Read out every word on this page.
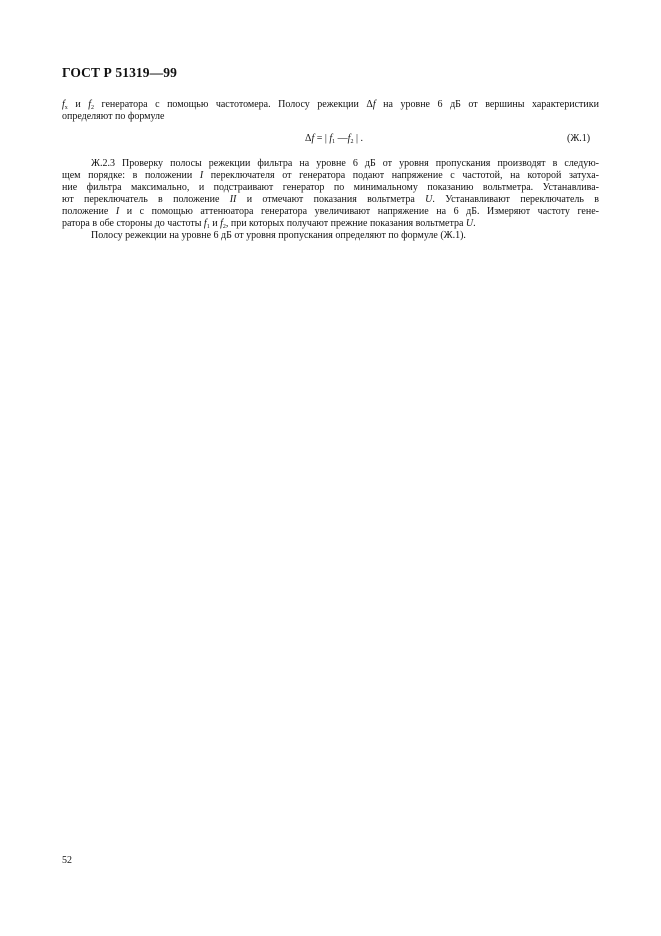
ГОСТ Р 51319—99
$f_x$ и $f_2$ генератора с помощью частотомера. Полосу режекции Δf на уровне 6 дБ от вершины характеристики
определяют по формуле
Δf = | $f_1$ $—f_2$ | .	(Ж.1)
Ж.2.3 Проверку полосы режекции фильтра на уровне 6 дБ от уровня пропускания производят в следую-
щем порядке: в положении I переключателя от генератора подают напряжение с частотой, на которой затуха-
ние фильтра максимально, и подстраивают генератор по минимальному показанию вольтметра. Устанавлива-
ют переключатель в положение II и отмечают показания вольтметра U. Устанавливают переключатель в
положение I и с помощью аттенюатора генератора увеличивают напряжение на 6 дБ. Измеряют частоту гене-
ратора в обе стороны до частоты $f_1$ и $f_2$, при которых получают прежние показания вольтметра U.
Полосу режекции на уровне 6 дБ от уровня пропускания определяют по формуле (Ж.1).
52
